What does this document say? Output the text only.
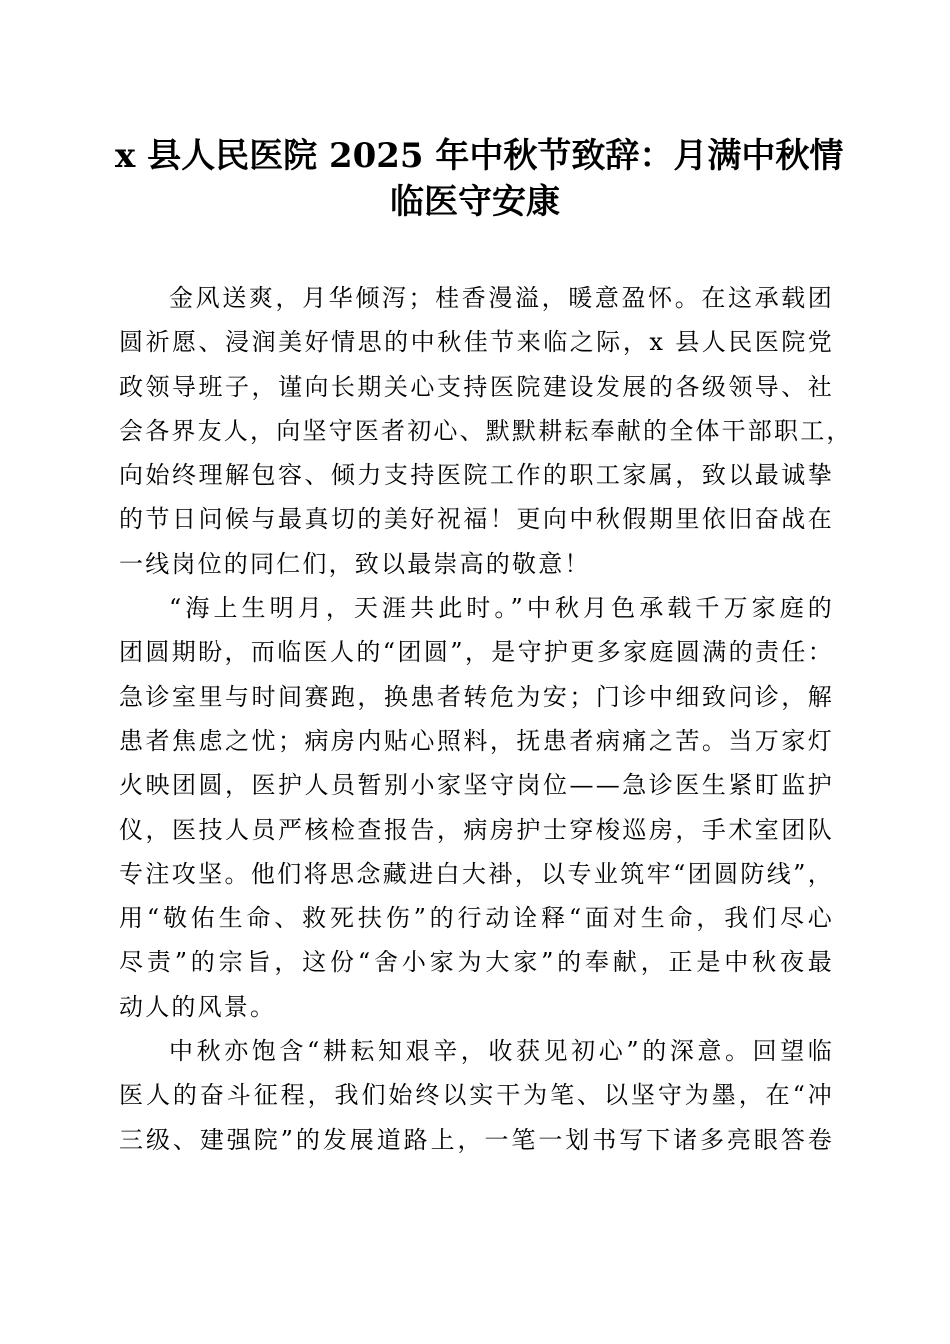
x 县人民医院 2025 年中秋节致辞：月满中秋情
临医守安康

金风送爽，月华倾泻；桂香漫溢，暖意盈怀。在这承载团
圆祈愿、浸润美好情思的中秋佳节来临之际，x 县人民医院党
政领导班子，谨向长期关心支持医院建设发展的各级领导、社
会各界友人，向坚守医者初心、默默耕耘奉献的全体干部职工，
向始终理解包容、倾力支持医院工作的职工家属，致以最诚挚
的节日问候与最真切的美好祝福！更向中秋假期里依旧奋战在
一线岗位的同仁们，致以最崇高的敬意！

“海上生明月，天涯共此时。”中秋月色承载千万家庭的
团圆期盼，而临医人的“团圆”，是守护更多家庭圆满的责任：
急诊室里与时间赛跑，换患者转危为安；门诊中细致问诊，解
患者焦虑之忧；病房内贴心照料，抚患者病痛之苦。当万家灯
火映团圆，医护人员暂别小家坚守岗位——急诊医生紧盯监护
仪，医技人员严核检查报告，病房护士穿梭巡房，手术室团队
专注攻坚。他们将思念藏进白大褂，以专业筑牢“团圆防线”，
用“敬佑生命、救死扶伤”的行动诠释“面对生命，我们尽心
尽责”的宗旨，这份“舍小家为大家”的奉献，正是中秋夜最
动人的风景。

中秋亦饱含“耕耘知艰辛，收获见初心”的深意。回望临
医人的奋斗征程，我们始终以实干为笔、以坚守为墨，在“冲
三级、建强院”的发展道路上，一笔一划书写下诸多亮眼答卷
